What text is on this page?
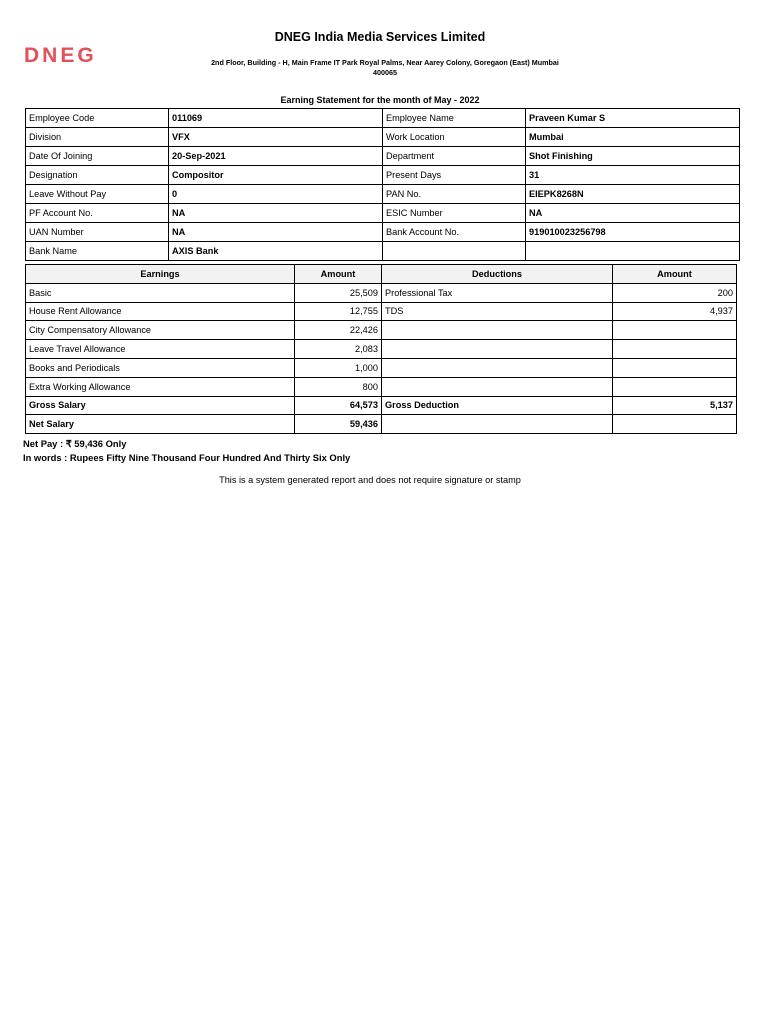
DNEG
DNEG India Media Services Limited
2nd Floor, Building - H, Main Frame IT Park Royal Palms, Near Aarey Colony, Goregaon (East) Mumbai
400065
Earning Statement for the month of May - 2022
Employee Code	011069	Employee Name	Praveen Kumar S
Division	VFX	Work Location	Mumbai
Date Of Joining	20-Sep-2021	Department	Shot Finishing
Designation	Compositor	Present Days	31
Leave Without Pay	0	PAN No.	EIEPK8268N
PF Account No.	NA	ESIC Number	NA
UAN Number	NA	Bank Account No.	919010023256798
Bank Name	AXIS Bank		
Earnings	Amount	Deductions	Amount
Basic	25,509	Professional Tax	200
House Rent Allowance	12,755	TDS	4,937
City Compensatory Allowance	22,426		
Leave Travel Allowance	2,083		
Books and Periodicals	1,000		
Extra Working Allowance	800		
Gross Salary	64,573	Gross Deduction	5,137
Net Salary	59,436		
Net Pay : ₹ 59,436 Only
In words : Rupees Fifty Nine Thousand Four Hundred And Thirty Six Only
This is a system generated report and does not require signature or stamp
